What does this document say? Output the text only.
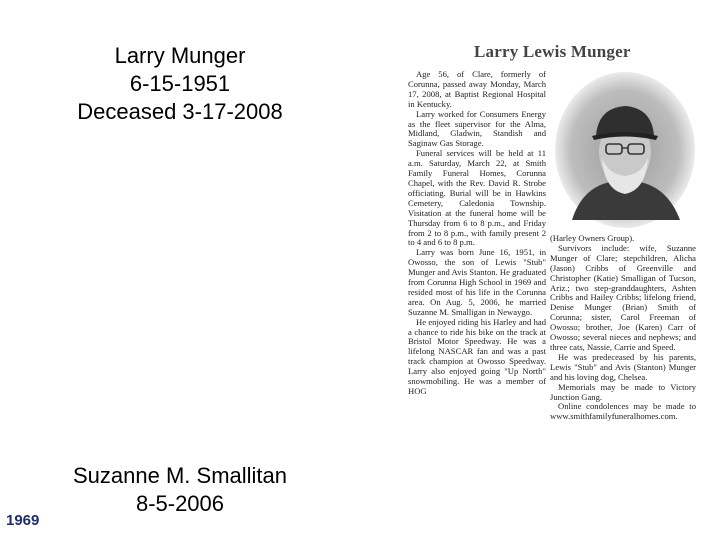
Larry Munger
6-15-1951
Deceased 3-17-2008
Suzanne M. Smallitan
8-5-2006
1969
Larry Lewis Munger

Age 56, of Clare, formerly of Corunna, passed away Monday, March 17, 2008, at Baptist Regional Hospital in Kentucky.

Larry worked for Consumers Energy as the fleet supervisor for the Alma, Midland, Gladwin, Standish and Saginaw Gas Storage.

Funeral services will be held at 11 a.m. Saturday, March 22, at Smith Family Funeral Homes, Corunna Chapel, with the Rev. David R. Strobe officiating. Burial will be in Hawkins Cemetery, Caledonia Township. Visitation at the funeral home will be Thursday from 6 to 8 p.m., and Friday from 2 to 8 p.m., with family present 2 to 4 and 6 to 8 p.m.

Larry was born June 16, 1951, in Owosso, the son of Lewis "Stub" Munger and Avis Stanton. He graduated from Corunna High School in 1969 and resided most of his life in the Corunna area. On Aug. 5, 2006, he married Suzanne M. Smalligan in Newaygo.

He enjoyed riding his Harley and had a chance to ride his bike on the track at Bristol Motor Speedway. He was a lifelong NASCAR fan and was a past track champion at Owosso Speedway. Larry also enjoyed going "Up North" snowmobiling. He was a member of HOG

(Harley Owners Group).

Survivors include: wife, Suzanne Munger of Clare; stepchildren, Alicha (Jason) Cribbs of Greenville and Christopher (Katie) Smalligan of Tucson, Ariz.; two step-granddaughters, Ashten Cribbs and Hailey Cribbs; lifelong friend, Denise Munger (Brian) Smith of Corunna; sister, Carol Freeman of Owosso; brother, Joe (Karen) Carr of Owosso; several nieces and nephews; and three cats, Nassie, Carrie and Speed.

He was predeceased by his parents, Lewis "Stub" and Avis (Stanton) Munger and his loving dog, Chelsea.

Memorials may be made to Victory Junction Gang.

Online condolences may be made to www.smithfamilyfuneralhomes.com.
